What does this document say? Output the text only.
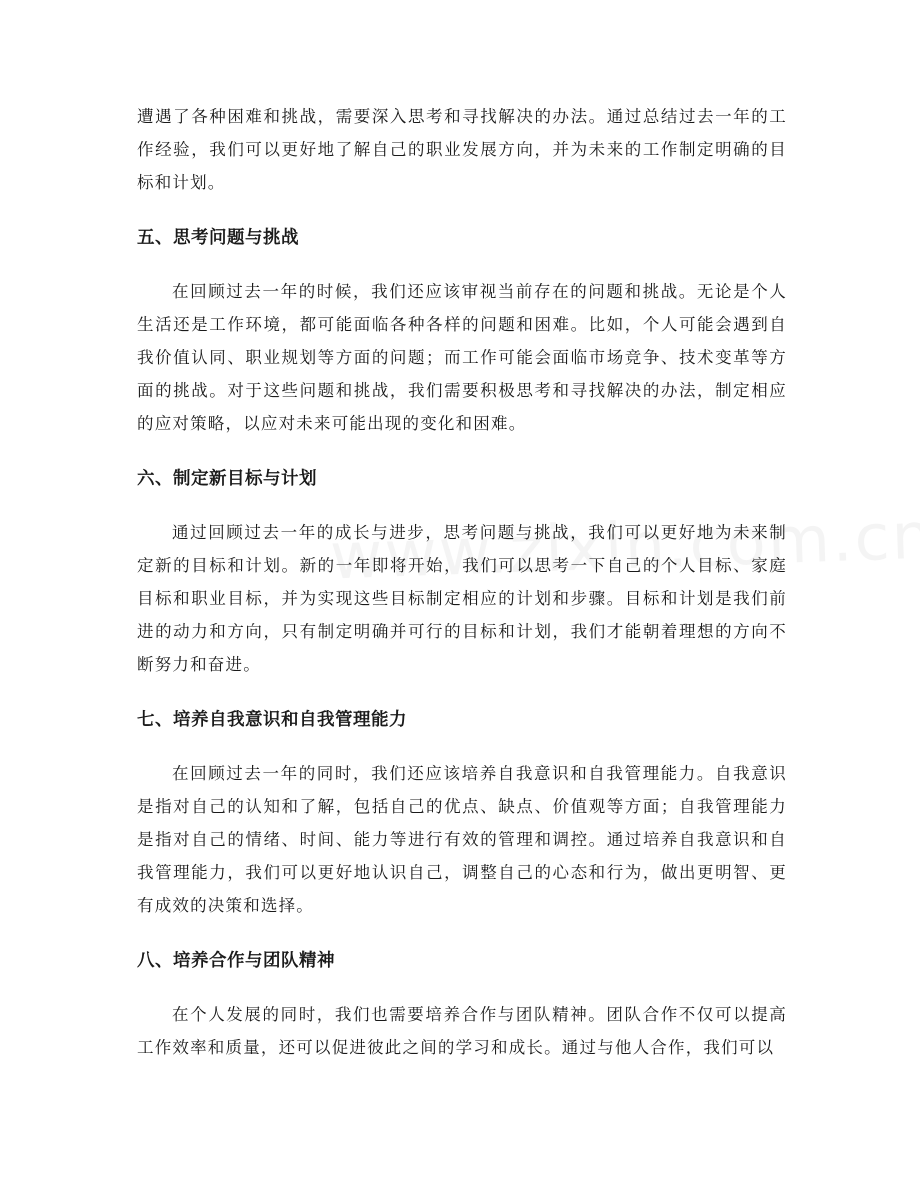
遭遇了各种困难和挑战，需要深入思考和寻找解决的办法。通过总结过去一年的工作经验，我们可以更好地了解自己的职业发展方向，并为未来的工作制定明确的目标和计划。

五、思考问题与挑战

在回顾过去一年的时候，我们还应该审视当前存在的问题和挑战。无论是个人生活还是工作环境，都可能面临各种各样的问题和困难。比如，个人可能会遇到自我价值认同、职业规划等方面的问题；而工作可能会面临市场竞争、技术变革等方面的挑战。对于这些问题和挑战，我们需要积极思考和寻找解决的办法，制定相应的应对策略，以应对未来可能出现的变化和困难。

六、制定新目标与计划

通过回顾过去一年的成长与进步，思考问题与挑战，我们可以更好地为未来制定新的目标和计划。新的一年即将开始，我们可以思考一下自己的个人目标、家庭目标和职业目标，并为实现这些目标制定相应的计划和步骤。目标和计划是我们前进的动力和方向，只有制定明确并可行的目标和计划，我们才能朝着理想的方向不断努力和奋进。

七、培养自我意识和自我管理能力

在回顾过去一年的同时，我们还应该培养自我意识和自我管理能力。自我意识是指对自己的认知和了解，包括自己的优点、缺点、价值观等方面；自我管理能力是指对自己的情绪、时间、能力等进行有效的管理和调控。通过培养自我意识和自我管理能力，我们可以更好地认识自己，调整自己的心态和行为，做出更明智、更有成效的决策和选择。

八、培养合作与团队精神

在个人发展的同时，我们也需要培养合作与团队精神。团队合作不仅可以提高工作效率和质量，还可以促进彼此之间的学习和成长。通过与他人合作，我们可以
